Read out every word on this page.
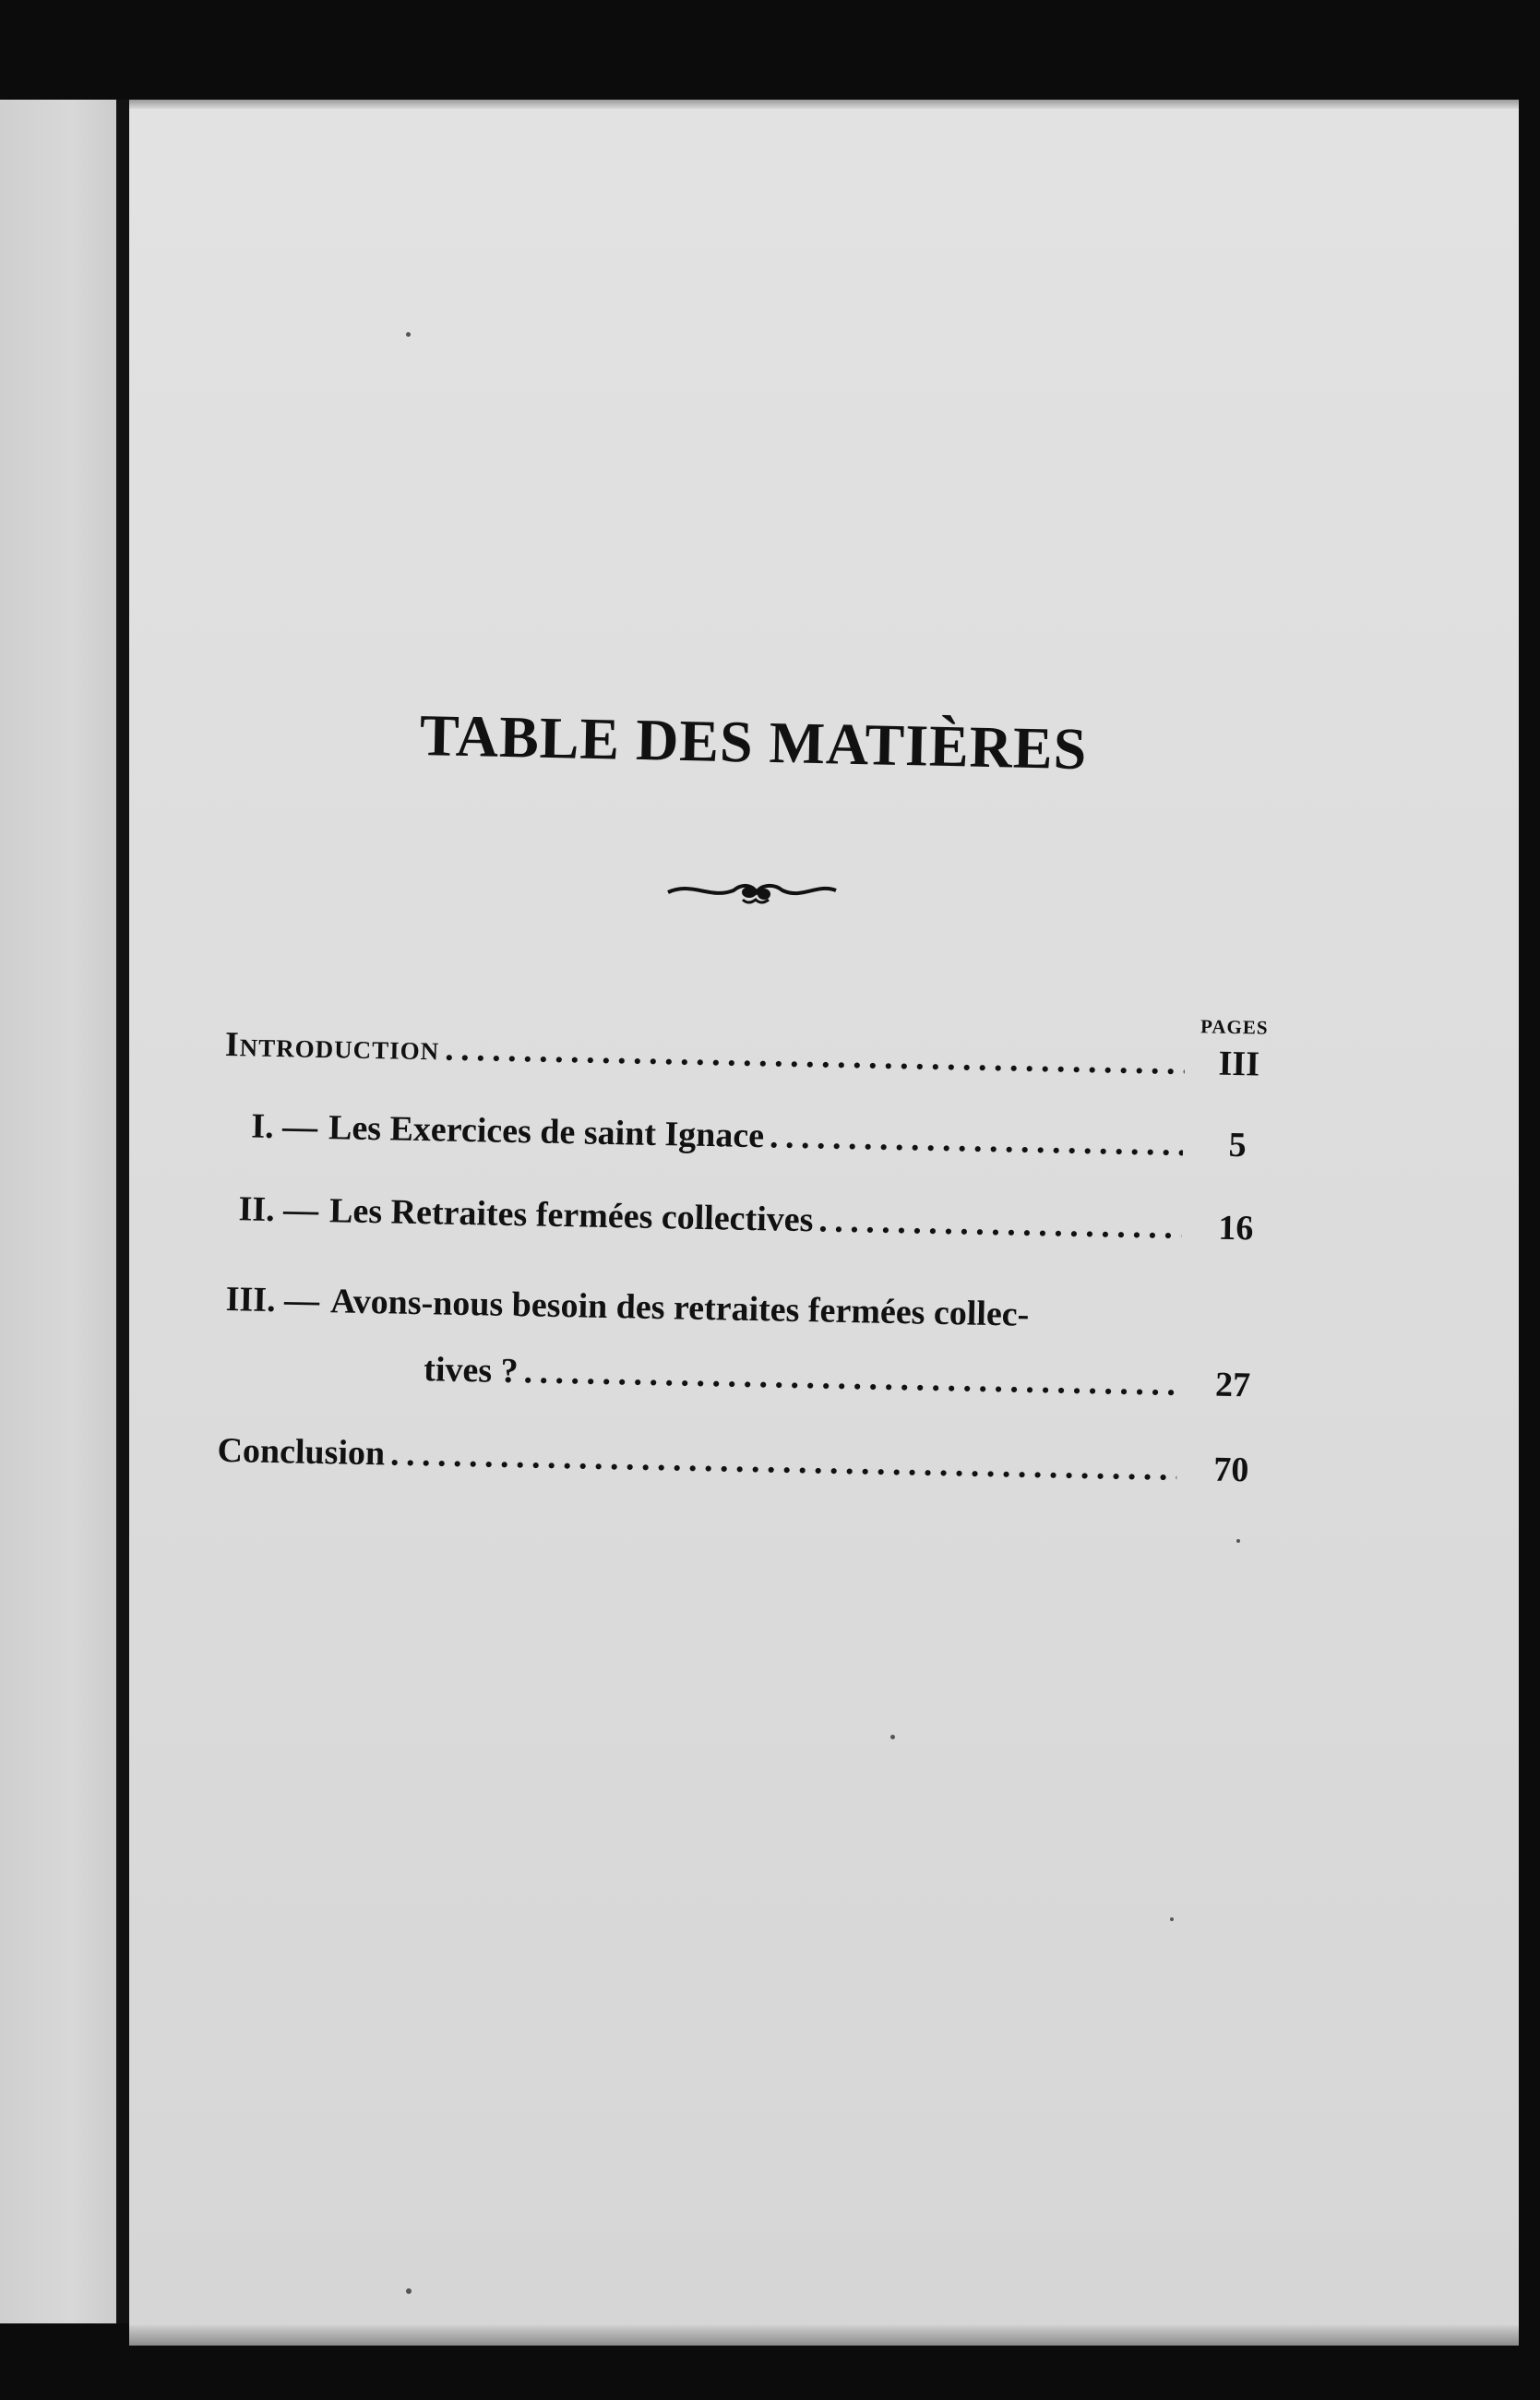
TABLE DES MATIÈRES
PAGES
Introduction . . .	III
I. — Les Exercices de saint Ignace . . .	5
II. — Les Retraites fermées collectives . . .	16
III. — Avons-nous besoin des retraites fermées collec-
tives ? . . .	27
Conclusion . . .	70
